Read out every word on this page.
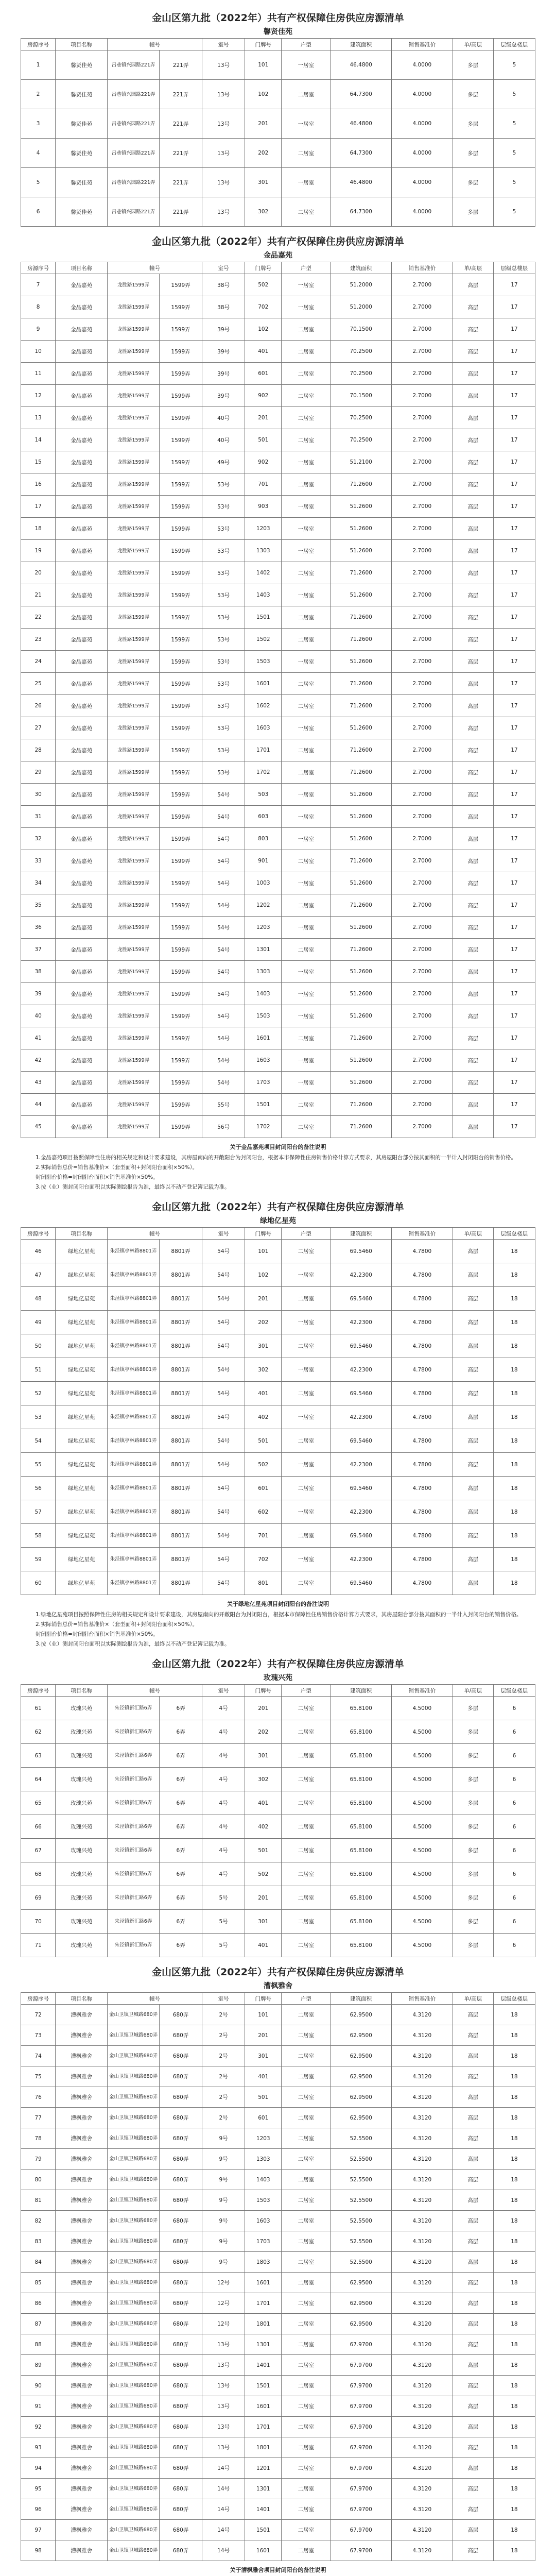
金山区第九批（2022年）共有产权保障住房供应房源清单
馨贤佳苑
房源序号	项目名称	幢号		室号	门牌号	户型	建筑面积	销售基准价	单/高层	层级总楼层
1	馨贤佳苑	吕巷镇兴园路221弄	221弄	13号	101	一居室	46.4800	4.0000	多层	5
2	馨贤佳苑	吕巷镇兴园路221弄	221弄	13号	102	二居室	64.7300	4.0000	多层	5
3	馨贤佳苑	吕巷镇兴园路221弄	221弄	13号	201	一居室	46.4800	4.0000	多层	5
4	馨贤佳苑	吕巷镇兴园路221弄	221弄	13号	202	二居室	64.7300	4.0000	多层	5
5	馨贤佳苑	吕巷镇兴园路221弄	221弄	13号	301	一居室	46.4800	4.0000	多层	5
6	馨贤佳苑	吕巷镇兴园路221弄	221弄	13号	302	二居室	64.7300	4.0000	多层	5
金山区第九批（2022年）共有产权保障住房供应房源清单
金品嘉苑
房源序号	项目名称	幢号		室号	门牌号	户型	建筑面积	销售基准价	单/高层	层级总楼层
7	金品嘉苑	龙胜路1599弄	1599弄	38号	502	一居室	51.2000	2.7000	高层	17
8	金品嘉苑	龙胜路1599弄	1599弄	38号	702	一居室	51.2000	2.7000	高层	17
9	金品嘉苑	龙胜路1599弄	1599弄	39号	102	二居室	70.1500	2.7000	高层	17
10	金品嘉苑	龙胜路1599弄	1599弄	39号	401	二居室	70.2500	2.7000	高层	17
11	金品嘉苑	龙胜路1599弄	1599弄	39号	601	二居室	70.2500	2.7000	高层	17
12	金品嘉苑	龙胜路1599弄	1599弄	39号	902	二居室	70.1500	2.7000	高层	17
13	金品嘉苑	龙胜路1599弄	1599弄	40号	201	二居室	70.2500	2.7000	高层	17
14	金品嘉苑	龙胜路1599弄	1599弄	40号	501	二居室	70.2500	2.7000	高层	17
15	金品嘉苑	龙胜路1599弄	1599弄	49号	902	一居室	51.2100	2.7000	高层	17
16	金品嘉苑	龙胜路1599弄	1599弄	53号	701	二居室	71.2600	2.7000	高层	17
17	金品嘉苑	龙胜路1599弄	1599弄	53号	903	一居室	51.2600	2.7000	高层	17
18	金品嘉苑	龙胜路1599弄	1599弄	53号	1203	一居室	51.2600	2.7000	高层	17
19	金品嘉苑	龙胜路1599弄	1599弄	53号	1303	一居室	51.2600	2.7000	高层	17
20	金品嘉苑	龙胜路1599弄	1599弄	53号	1402	二居室	71.2600	2.7000	高层	17
21	金品嘉苑	龙胜路1599弄	1599弄	53号	1403	一居室	51.2600	2.7000	高层	17
22	金品嘉苑	龙胜路1599弄	1599弄	53号	1501	二居室	71.2600	2.7000	高层	17
23	金品嘉苑	龙胜路1599弄	1599弄	53号	1502	二居室	71.2600	2.7000	高层	17
24	金品嘉苑	龙胜路1599弄	1599弄	53号	1503	一居室	51.2600	2.7000	高层	17
25	金品嘉苑	龙胜路1599弄	1599弄	53号	1601	二居室	71.2600	2.7000	高层	17
26	金品嘉苑	龙胜路1599弄	1599弄	53号	1602	二居室	71.2600	2.7000	高层	17
27	金品嘉苑	龙胜路1599弄	1599弄	53号	1603	一居室	51.2600	2.7000	高层	17
28	金品嘉苑	龙胜路1599弄	1599弄	53号	1701	二居室	71.2600	2.7000	高层	17
29	金品嘉苑	龙胜路1599弄	1599弄	53号	1702	二居室	71.2600	2.7000	高层	17
30	金品嘉苑	龙胜路1599弄	1599弄	54号	503	一居室	51.2600	2.7000	高层	17
31	金品嘉苑	龙胜路1599弄	1599弄	54号	603	一居室	51.2600	2.7000	高层	17
32	金品嘉苑	龙胜路1599弄	1599弄	54号	803	一居室	51.2600	2.7000	高层	17
33	金品嘉苑	龙胜路1599弄	1599弄	54号	901	二居室	71.2600	2.7000	高层	17
34	金品嘉苑	龙胜路1599弄	1599弄	54号	1003	一居室	51.2600	2.7000	高层	17
35	金品嘉苑	龙胜路1599弄	1599弄	54号	1202	二居室	71.2600	2.7000	高层	17
36	金品嘉苑	龙胜路1599弄	1599弄	54号	1203	一居室	51.2600	2.7000	高层	17
37	金品嘉苑	龙胜路1599弄	1599弄	54号	1301	二居室	71.2600	2.7000	高层	17
38	金品嘉苑	龙胜路1599弄	1599弄	54号	1303	一居室	51.2600	2.7000	高层	17
39	金品嘉苑	龙胜路1599弄	1599弄	54号	1403	一居室	51.2600	2.7000	高层	17
40	金品嘉苑	龙胜路1599弄	1599弄	54号	1503	一居室	51.2600	2.7000	高层	17
41	金品嘉苑	龙胜路1599弄	1599弄	54号	1601	二居室	71.2600	2.7000	高层	17
42	金品嘉苑	龙胜路1599弄	1599弄	54号	1603	一居室	51.2600	2.7000	高层	17
43	金品嘉苑	龙胜路1599弄	1599弄	54号	1703	一居室	51.2600	2.7000	高层	17
44	金品嘉苑	龙胜路1599弄	1599弄	55号	1501	二居室	71.2600	2.7000	高层	17
45	金品嘉苑	龙胜路1599弄	1599弄	56号	1702	二居室	71.2600	2.7000	高层	17
关于金品嘉苑项目封闭阳台的备注说明

1.金品嘉苑项目按照保障性住房的相关规定和设计要求建设，其房屋南向的开敞阳台为封闭阳台，根据本市保障性住房销售价格计算方式要求，其房屋阳台部分按其面积的一半计入封闭阳台的销售价格。

2.实际销售总价=销售基准价×（套型面积+封闭阳台面积×50%）。

封闭阳台价格=封闭阳台面积×销售基准价×50%。

3.按（业）测封闭阳台面积以实际测绘报告为准，最终以不动产登记簿记载为准。

金山区第九批（2022年）共有产权保障住房供应房源清单
绿地亿星苑
房源序号	项目名称	幢号		室号	门牌号	户型	建筑面积	销售基准价	单/高层	层级总楼层
46	绿地亿星苑	朱泾镇亭林路8801弄	8801弄	54号	101	二居室	69.5460	4.7800	高层	18
47	绿地亿星苑	朱泾镇亭林路8801弄	8801弄	54号	102	一居室	42.2300	4.7800	高层	18
48	绿地亿星苑	朱泾镇亭林路8801弄	8801弄	54号	201	二居室	69.5460	4.7800	高层	18
49	绿地亿星苑	朱泾镇亭林路8801弄	8801弄	54号	202	一居室	42.2300	4.7800	高层	18
50	绿地亿星苑	朱泾镇亭林路8801弄	8801弄	54号	301	二居室	69.5460	4.7800	高层	18
51	绿地亿星苑	朱泾镇亭林路8801弄	8801弄	54号	302	一居室	42.2300	4.7800	高层	18
52	绿地亿星苑	朱泾镇亭林路8801弄	8801弄	54号	401	二居室	69.5460	4.7800	高层	18
53	绿地亿星苑	朱泾镇亭林路8801弄	8801弄	54号	402	一居室	42.2300	4.7800	高层	18
54	绿地亿星苑	朱泾镇亭林路8801弄	8801弄	54号	501	二居室	69.5460	4.7800	高层	18
55	绿地亿星苑	朱泾镇亭林路8801弄	8801弄	54号	502	一居室	42.2300	4.7800	高层	18
56	绿地亿星苑	朱泾镇亭林路8801弄	8801弄	54号	601	二居室	69.5460	4.7800	高层	18
57	绿地亿星苑	朱泾镇亭林路8801弄	8801弄	54号	602	一居室	42.2300	4.7800	高层	18
58	绿地亿星苑	朱泾镇亭林路8801弄	8801弄	54号	701	二居室	69.5460	4.7800	高层	18
59	绿地亿星苑	朱泾镇亭林路8801弄	8801弄	54号	702	一居室	42.2300	4.7800	高层	18
60	绿地亿星苑	朱泾镇亭林路8801弄	8801弄	54号	801	二居室	69.5460	4.7800	高层	18
关于绿地亿星苑项目封闭阳台的备注说明

1.绿地亿星苑项目按照保障性住房的相关规定和设计要求建设，其房屋南向的开敞阳台为封闭阳台，根据本市保障性住房销售价格计算方式要求，其房屋阳台部分按其面积的一半计入封闭阳台的销售价格。

2.实际销售总价=销售基准价×（套型面积+封闭阳台面积×50%）。

封闭阳台价格=封闭阳台面积×销售基准价×50%。

3.按（业）测封闭阳台面积以实际测绘报告为准，最终以不动产登记簿记载为准。

金山区第九批（2022年）共有产权保障住房供应房源清单
玫瑰兴苑
房源序号	项目名称	幢号		室号	门牌号	户型	建筑面积	销售基准价	单/高层	层级总楼层
61	玫瑰兴苑	朱泾镇新汇路6弄	6弄	4号	201	二居室	65.8100	4.5000	多层	6
62	玫瑰兴苑	朱泾镇新汇路6弄	6弄	4号	202	二居室	65.8100	4.5000	多层	6
63	玫瑰兴苑	朱泾镇新汇路6弄	6弄	4号	301	二居室	65.8100	4.5000	多层	6
64	玫瑰兴苑	朱泾镇新汇路6弄	6弄	4号	302	二居室	65.8100	4.5000	多层	6
65	玫瑰兴苑	朱泾镇新汇路6弄	6弄	4号	401	二居室	65.8100	4.5000	多层	6
66	玫瑰兴苑	朱泾镇新汇路6弄	6弄	4号	402	二居室	65.8100	4.5000	多层	6
67	玫瑰兴苑	朱泾镇新汇路6弄	6弄	4号	501	二居室	65.8100	4.5000	多层	6
68	玫瑰兴苑	朱泾镇新汇路6弄	6弄	4号	502	二居室	65.8100	4.5000	多层	6
69	玫瑰兴苑	朱泾镇新汇路6弄	6弄	5号	201	二居室	65.8100	4.5000	多层	6
70	玫瑰兴苑	朱泾镇新汇路6弄	6弄	5号	301	二居室	65.8100	4.5000	多层	6
71	玫瑰兴苑	朱泾镇新汇路6弄	6弄	5号	401	二居室	65.8100	4.5000	多层	6
金山区第九批（2022年）共有产权保障住房供应房源清单
漕枫雅舍
房源序号	项目名称	幢号		室号	门牌号	户型	建筑面积	销售基准价	单/高层	层级总楼层
72	漕枫雅舍	金山卫镇卫城路680弄	680弄	2号	101	二居室	62.9500	4.3120	高层	18
73	漕枫雅舍	金山卫镇卫城路680弄	680弄	2号	201	二居室	62.9500	4.3120	高层	18
74	漕枫雅舍	金山卫镇卫城路680弄	680弄	2号	301	二居室	62.9500	4.3120	高层	18
75	漕枫雅舍	金山卫镇卫城路680弄	680弄	2号	401	二居室	62.9500	4.3120	高层	18
76	漕枫雅舍	金山卫镇卫城路680弄	680弄	2号	501	二居室	62.9500	4.3120	高层	18
77	漕枫雅舍	金山卫镇卫城路680弄	680弄	2号	601	二居室	62.9500	4.3120	高层	18
78	漕枫雅舍	金山卫镇卫城路680弄	680弄	9号	1203	二居室	52.5500	4.3120	高层	18
79	漕枫雅舍	金山卫镇卫城路680弄	680弄	9号	1303	二居室	52.5500	4.3120	高层	18
80	漕枫雅舍	金山卫镇卫城路680弄	680弄	9号	1403	二居室	52.5500	4.3120	高层	18
81	漕枫雅舍	金山卫镇卫城路680弄	680弄	9号	1503	二居室	52.5500	4.3120	高层	18
82	漕枫雅舍	金山卫镇卫城路680弄	680弄	9号	1603	二居室	52.5500	4.3120	高层	18
83	漕枫雅舍	金山卫镇卫城路680弄	680弄	9号	1703	二居室	52.5500	4.3120	高层	18
84	漕枫雅舍	金山卫镇卫城路680弄	680弄	9号	1803	二居室	52.5500	4.3120	高层	18
85	漕枫雅舍	金山卫镇卫城路680弄	680弄	12号	1601	二居室	62.9500	4.3120	高层	18
86	漕枫雅舍	金山卫镇卫城路680弄	680弄	12号	1701	二居室	62.9500	4.3120	高层	18
87	漕枫雅舍	金山卫镇卫城路680弄	680弄	12号	1801	二居室	62.9500	4.3120	高层	18
88	漕枫雅舍	金山卫镇卫城路680弄	680弄	13号	1301	二居室	67.9700	4.3120	高层	18
89	漕枫雅舍	金山卫镇卫城路680弄	680弄	13号	1401	二居室	67.9700	4.3120	高层	18
90	漕枫雅舍	金山卫镇卫城路680弄	680弄	13号	1501	二居室	67.9700	4.3120	高层	18
91	漕枫雅舍	金山卫镇卫城路680弄	680弄	13号	1601	二居室	67.9700	4.3120	高层	18
92	漕枫雅舍	金山卫镇卫城路680弄	680弄	13号	1701	二居室	67.9700	4.3120	高层	18
93	漕枫雅舍	金山卫镇卫城路680弄	680弄	13号	1801	二居室	67.9700	4.3120	高层	18
94	漕枫雅舍	金山卫镇卫城路680弄	680弄	14号	1201	二居室	67.9700	4.3120	高层	18
95	漕枫雅舍	金山卫镇卫城路680弄	680弄	14号	1301	二居室	67.9700	4.3120	高层	18
96	漕枫雅舍	金山卫镇卫城路680弄	680弄	14号	1401	二居室	67.9700	4.3120	高层	18
97	漕枫雅舍	金山卫镇卫城路680弄	680弄	14号	1501	二居室	67.9700	4.3120	高层	18
98	漕枫雅舍	金山卫镇卫城路680弄	680弄	14号	1601	二居室	67.9700	4.3120	高层	18
关于漕枫雅舍项目封闭阳台的备注说明
